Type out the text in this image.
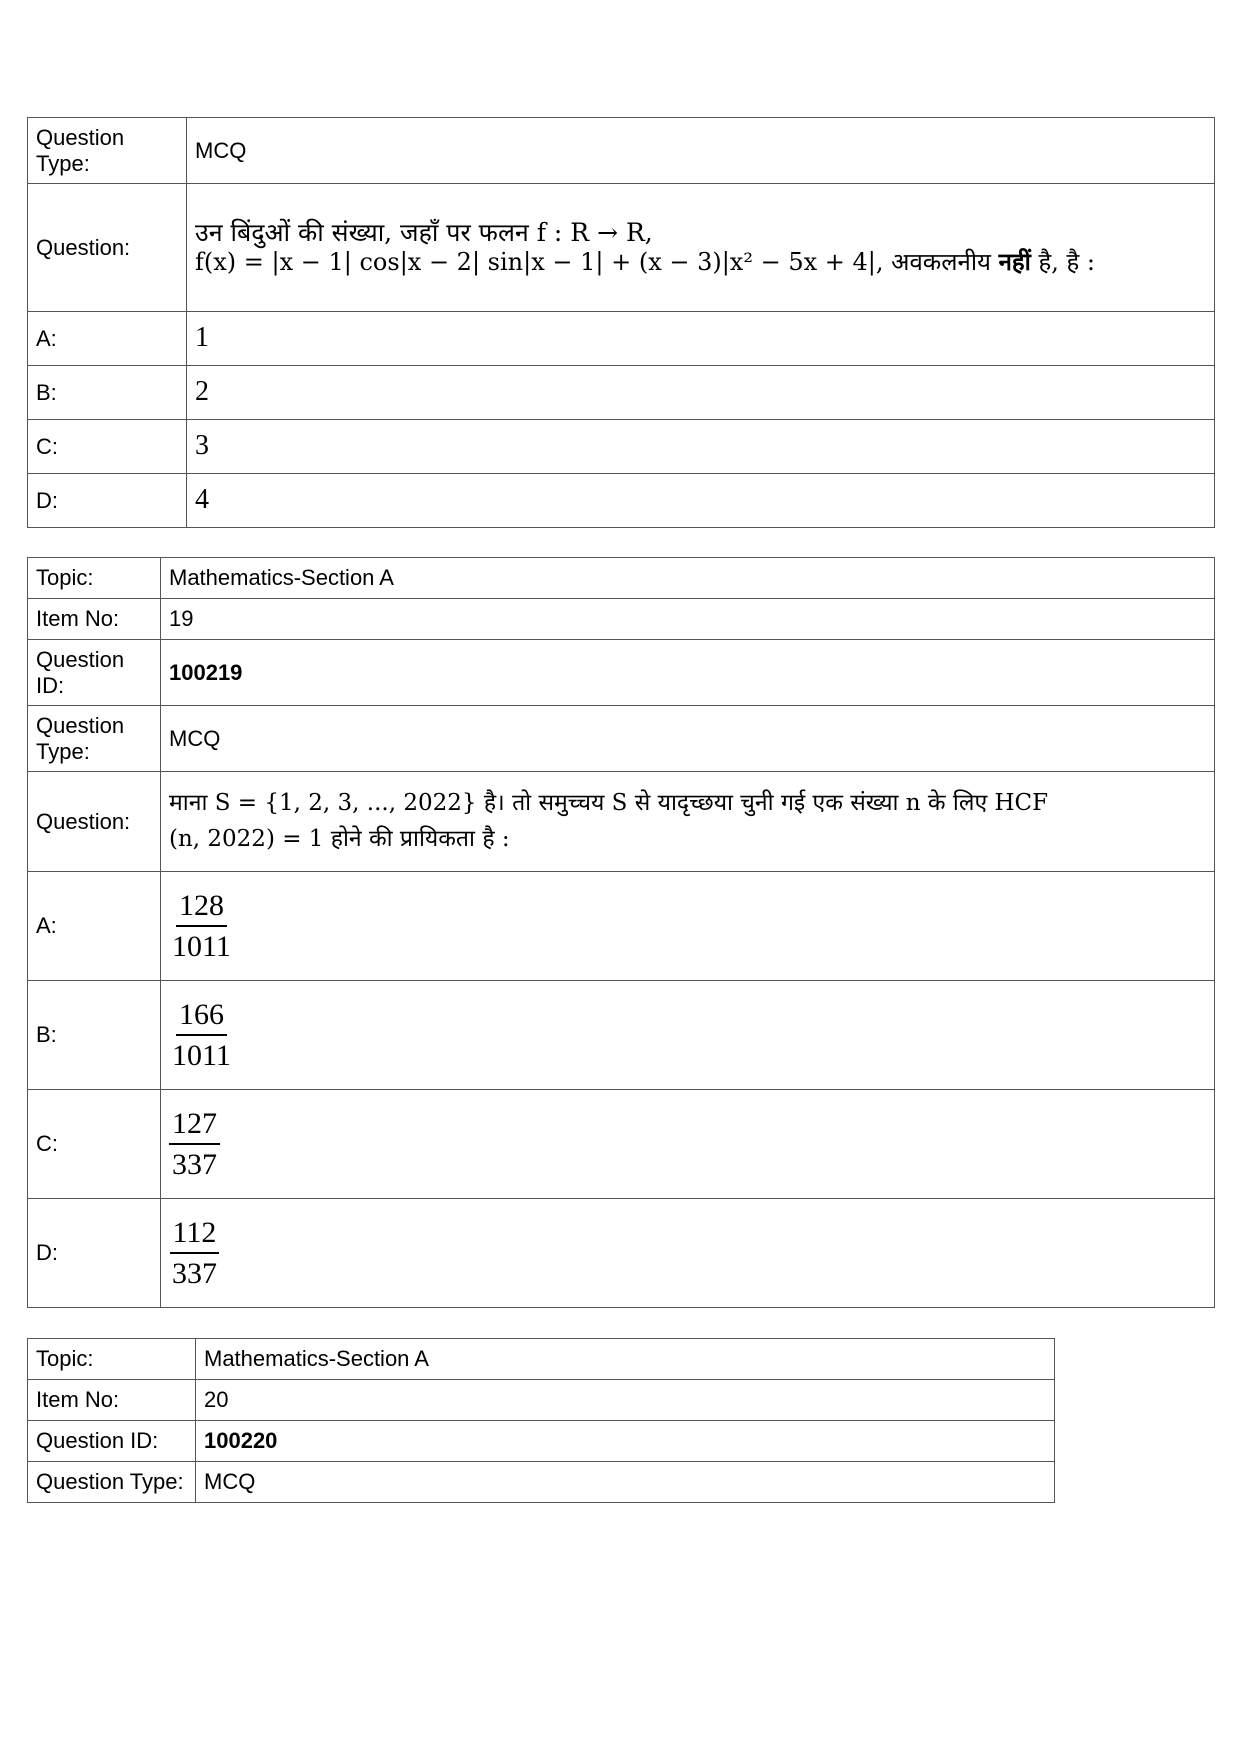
Question Type:	MCQ
Question:	उन बिंदुओं की संख्या, जहाँ पर फलन f : R → R,
f(x) = |x − 1| cos|x − 2| sin|x − 1| + (x − 3)|x² − 5x + 4|, अवकलनीय नहीं है, है :

A:	1
B:	2
C:	3
D:	4
Topic:	Mathematics-Section A
Item No:	19
Question ID:	100219
Question Type:	MCQ
Question:	माना S = {1, 2, 3, ..., 2022} है। तो समुच्चय S से यादृच्छया चुनी गई एक संख्या n के लिए HCF
(n, 2022) = 1 होने की प्रायिकता है :

A:	$\frac{128}{1011}$

B:	$\frac{166}{1011}$

C:	$\frac{127}{337}$

D:	$\frac{112}{337}$
Topic:	Mathematics-Section A
Item No:	20
Question ID:	100220
Question Type:	MCQ
